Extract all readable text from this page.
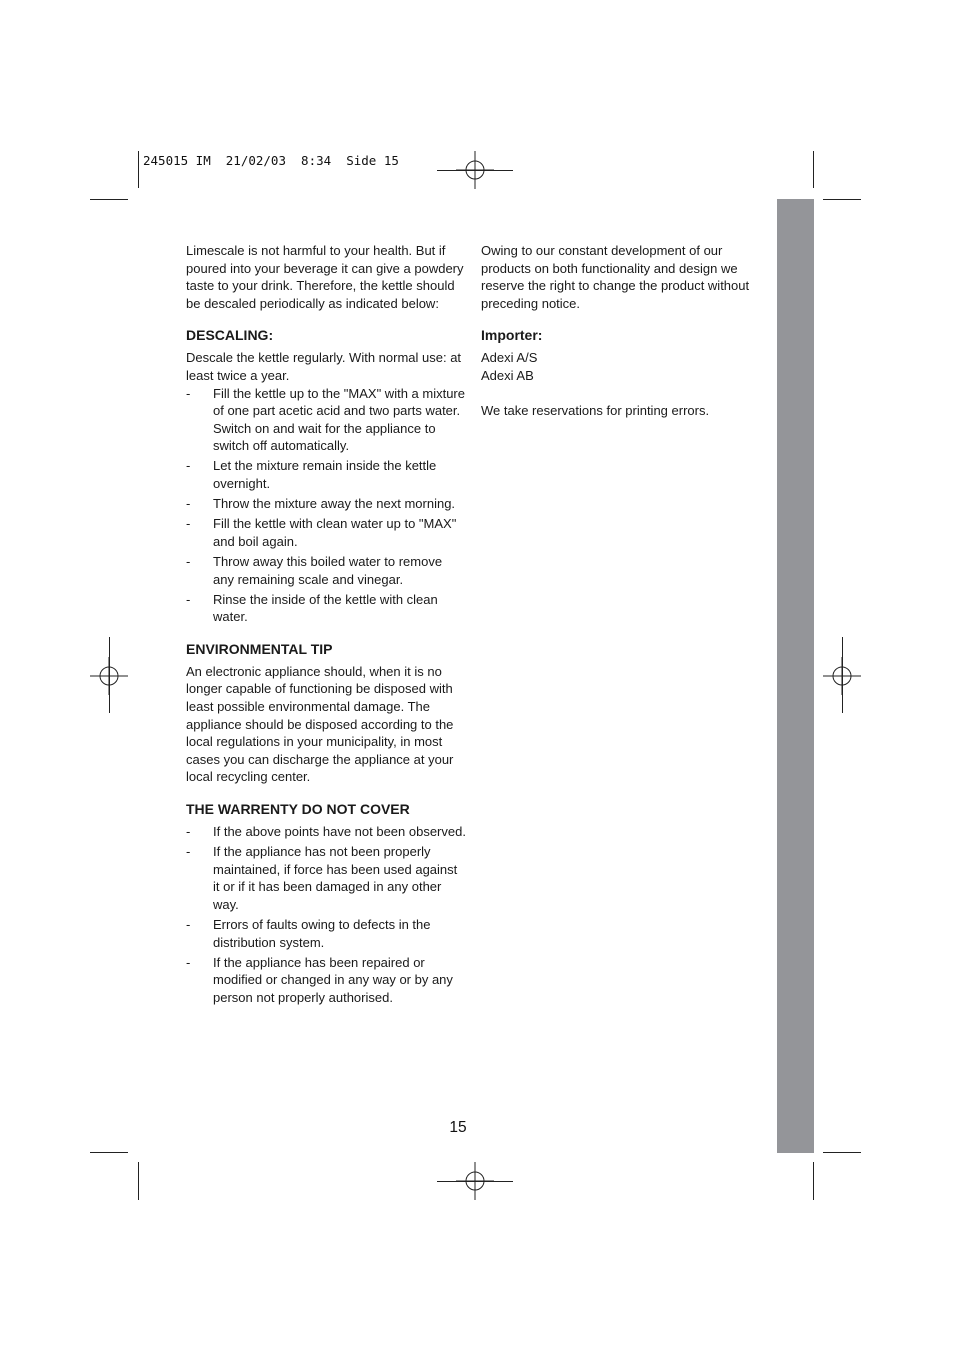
245015 IM  21/02/03  8:34  Side 15

Limescale is not harmful to your health. But if poured into your beverage it can give a powdery taste to your drink. Therefore, the kettle should be descaled periodically as indicated below:

DESCALING:

Descale the kettle regularly. With normal use: at least twice a year.

- Fill the kettle up to the "MAX" with a mixture of one part acetic acid and two parts water. Switch on and wait for the appliance to switch off automatically.
- Let the mixture remain inside the kettle overnight.
- Throw the mixture away the next morning.
- Fill the kettle with clean water up to "MAX" and boil again.
- Throw away this boiled water to remove any remaining scale and vinegar.
- Rinse the inside of the kettle with clean water.
ENVIRONMENTAL TIP

An electronic appliance should, when it is no longer capable of functioning be disposed with least possible environmental damage. The appliance should be disposed according to the local regulations in your municipality, in most cases you can discharge the appliance at your local recycling center.

THE WARRENTY DO NOT COVER
- If the above points have not been observed.
- If the appliance has not been properly maintained, if force has been used against it or if it has been damaged in any other way.
- Errors of faults owing to defects in the distribution system.
- If the appliance has been repaired or modified or changed in any way or by any person not properly authorised.

Owing to our constant development of our products on both functionality and design we reserve the right to change the product without preceding notice.

Importer:

Adexi A/S

Adexi AB

We take reservations for printing errors.

15
